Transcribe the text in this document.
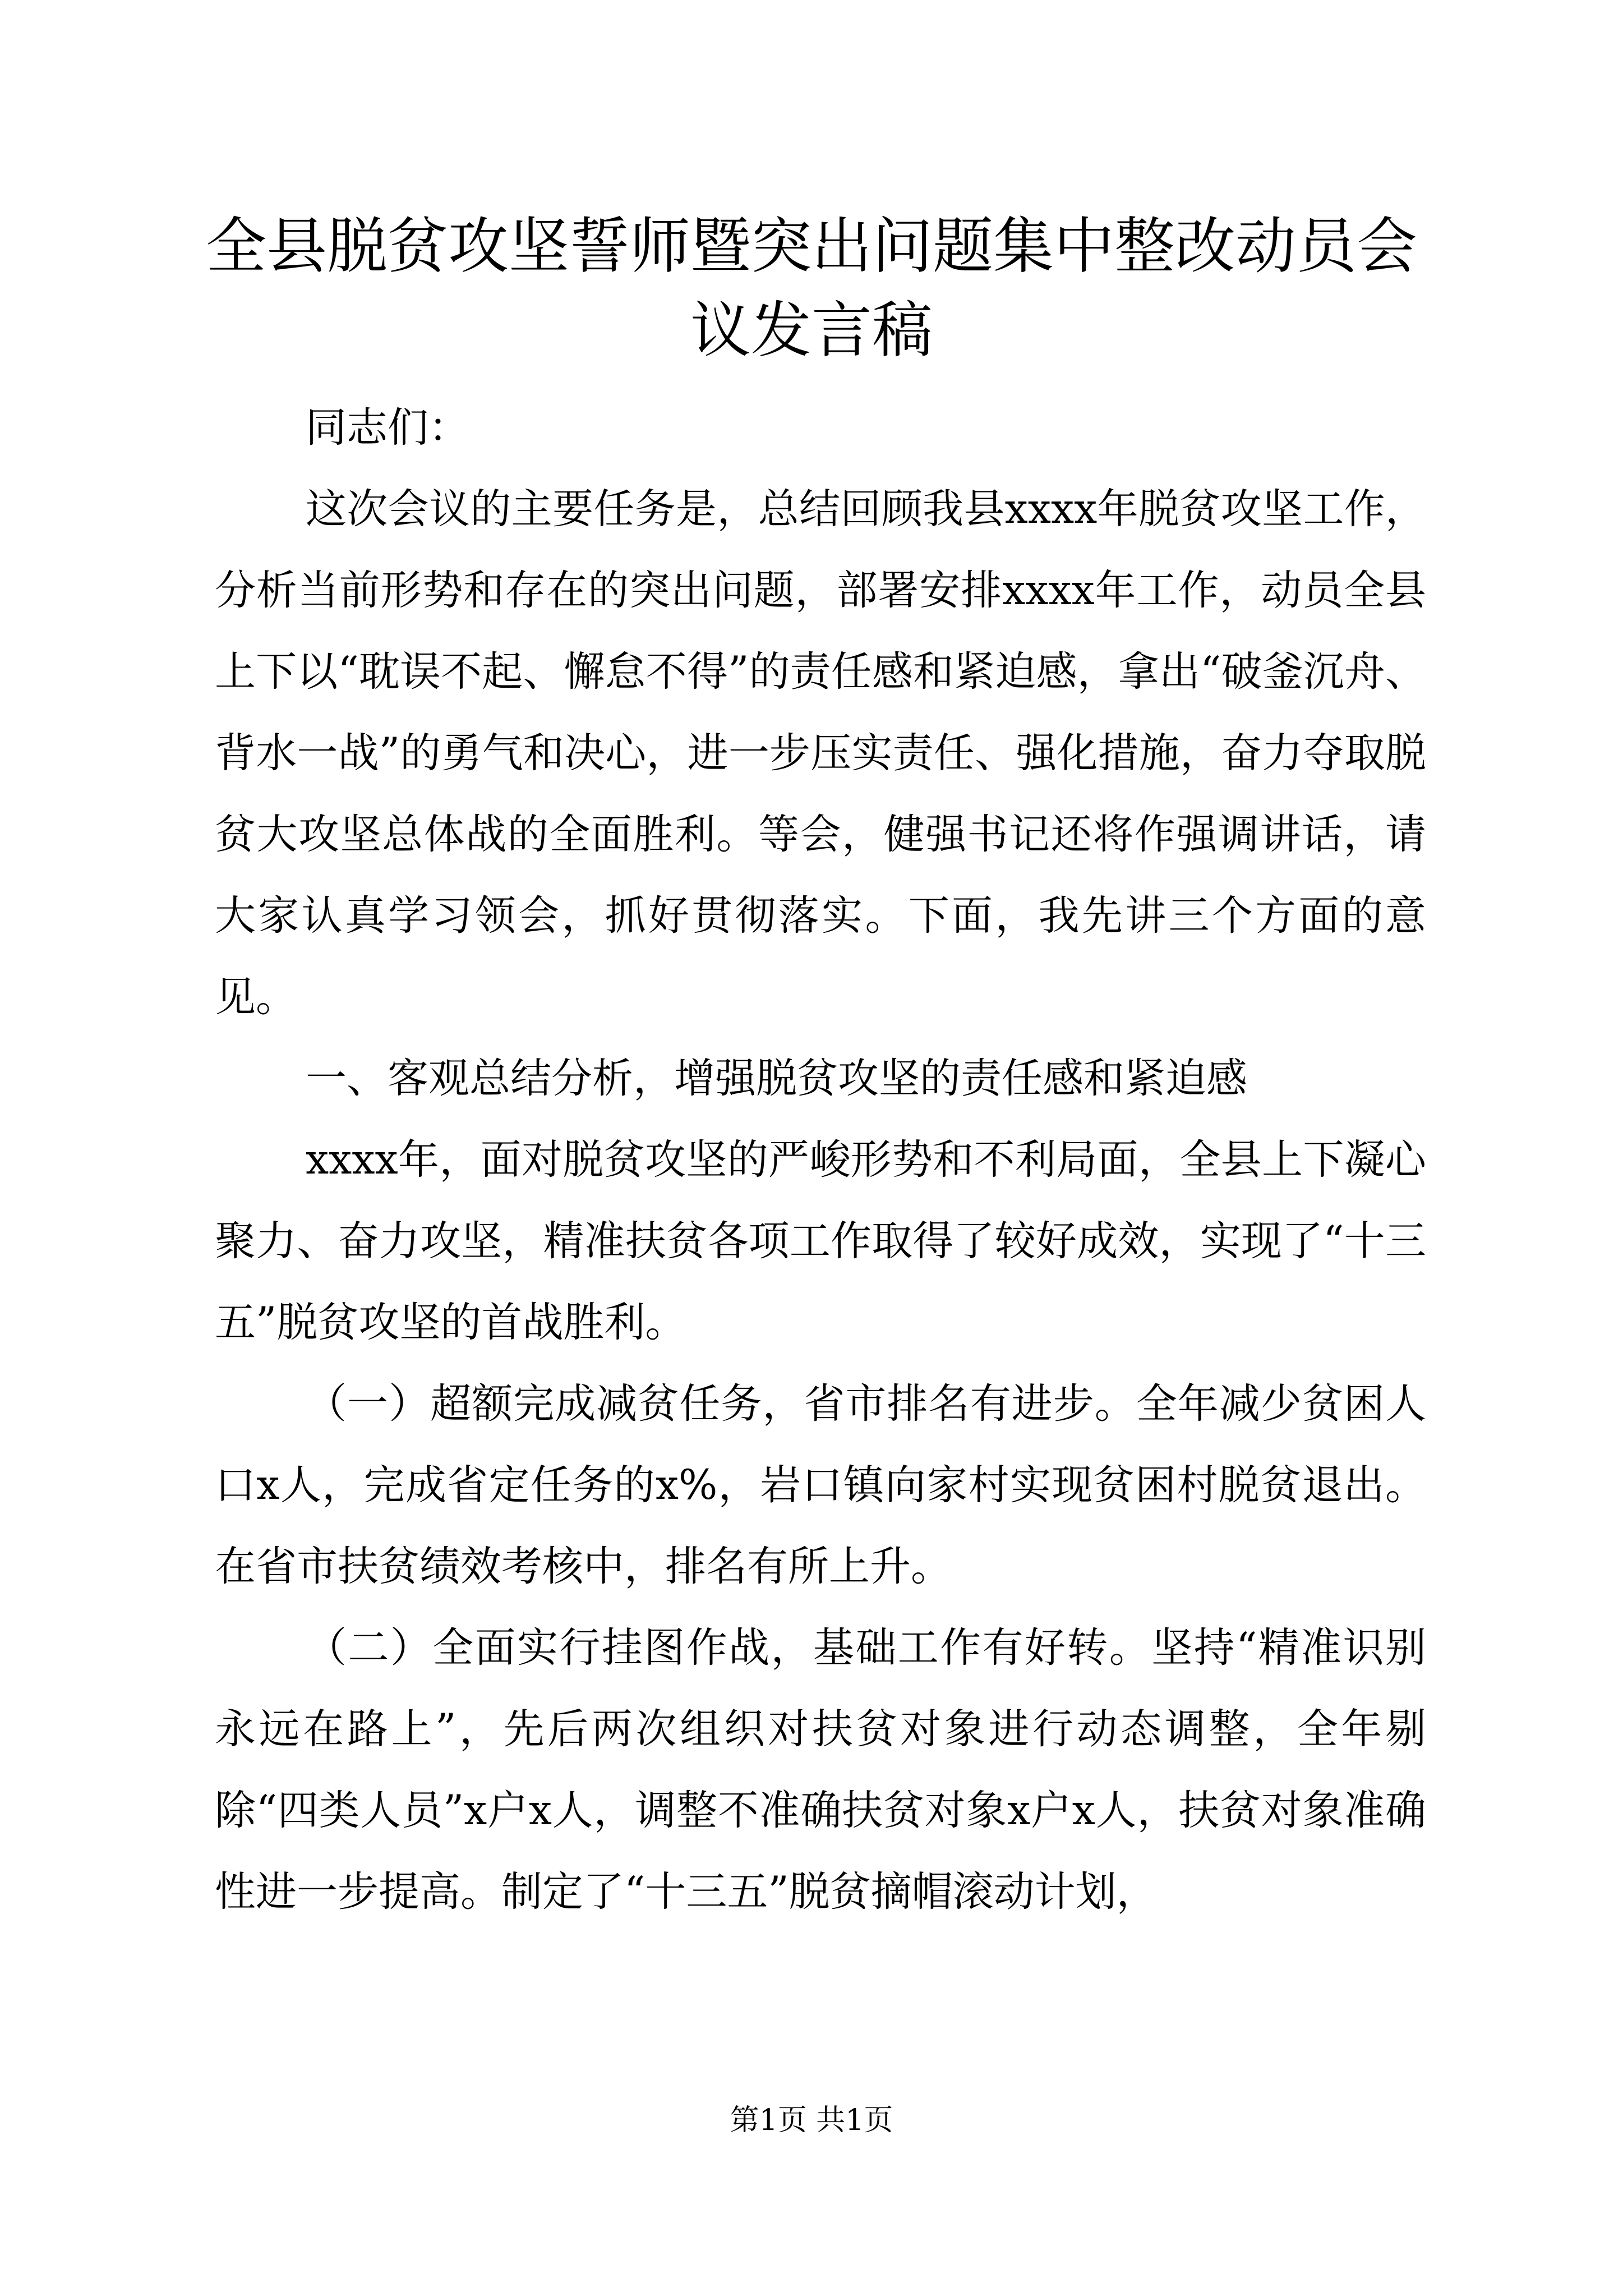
全县脱贫攻坚誓师暨突出问题集中整改动员会
议发言稿

同志们：

这次会议的主要任务是，总结回顾我县xxxx年脱贫攻坚工作，分析当前形势和存在的突出问题，部署安排xxxx年工作，动员全县上下以“耽误不起、懈怠不得”的责任感和紧迫感，拿出“破釜沉舟、背水一战”的勇气和决心，进一步压实责任、强化措施，奋力夺取脱贫大攻坚总体战的全面胜利。等会，健强书记还将作强调讲话，请大家认真学习领会，抓好贯彻落实。下面，我先讲三个方面的意见。

一、客观总结分析，增强脱贫攻坚的责任感和紧迫感

xxxx年，面对脱贫攻坚的严峻形势和不利局面，全县上下凝心聚力、奋力攻坚，精准扶贫各项工作取得了较好成效，实现了“十三五”脱贫攻坚的首战胜利。

（一）超额完成减贫任务，省市排名有进步。全年减少贫困人口x人，完成省定任务的x%，岩口镇向家村实现贫困村脱贫退出。在省市扶贫绩效考核中，排名有所上升。

（二）全面实行挂图作战，基础工作有好转。坚持“精准识别永远在路上”，先后两次组织对扶贫对象进行动态调整，全年剔除“四类人员”x户x人，调整不准确扶贫对象x户x人，扶贫对象准确性进一步提高。制定了“十三五”脱贫摘帽滚动计划，

第1页 共1页
